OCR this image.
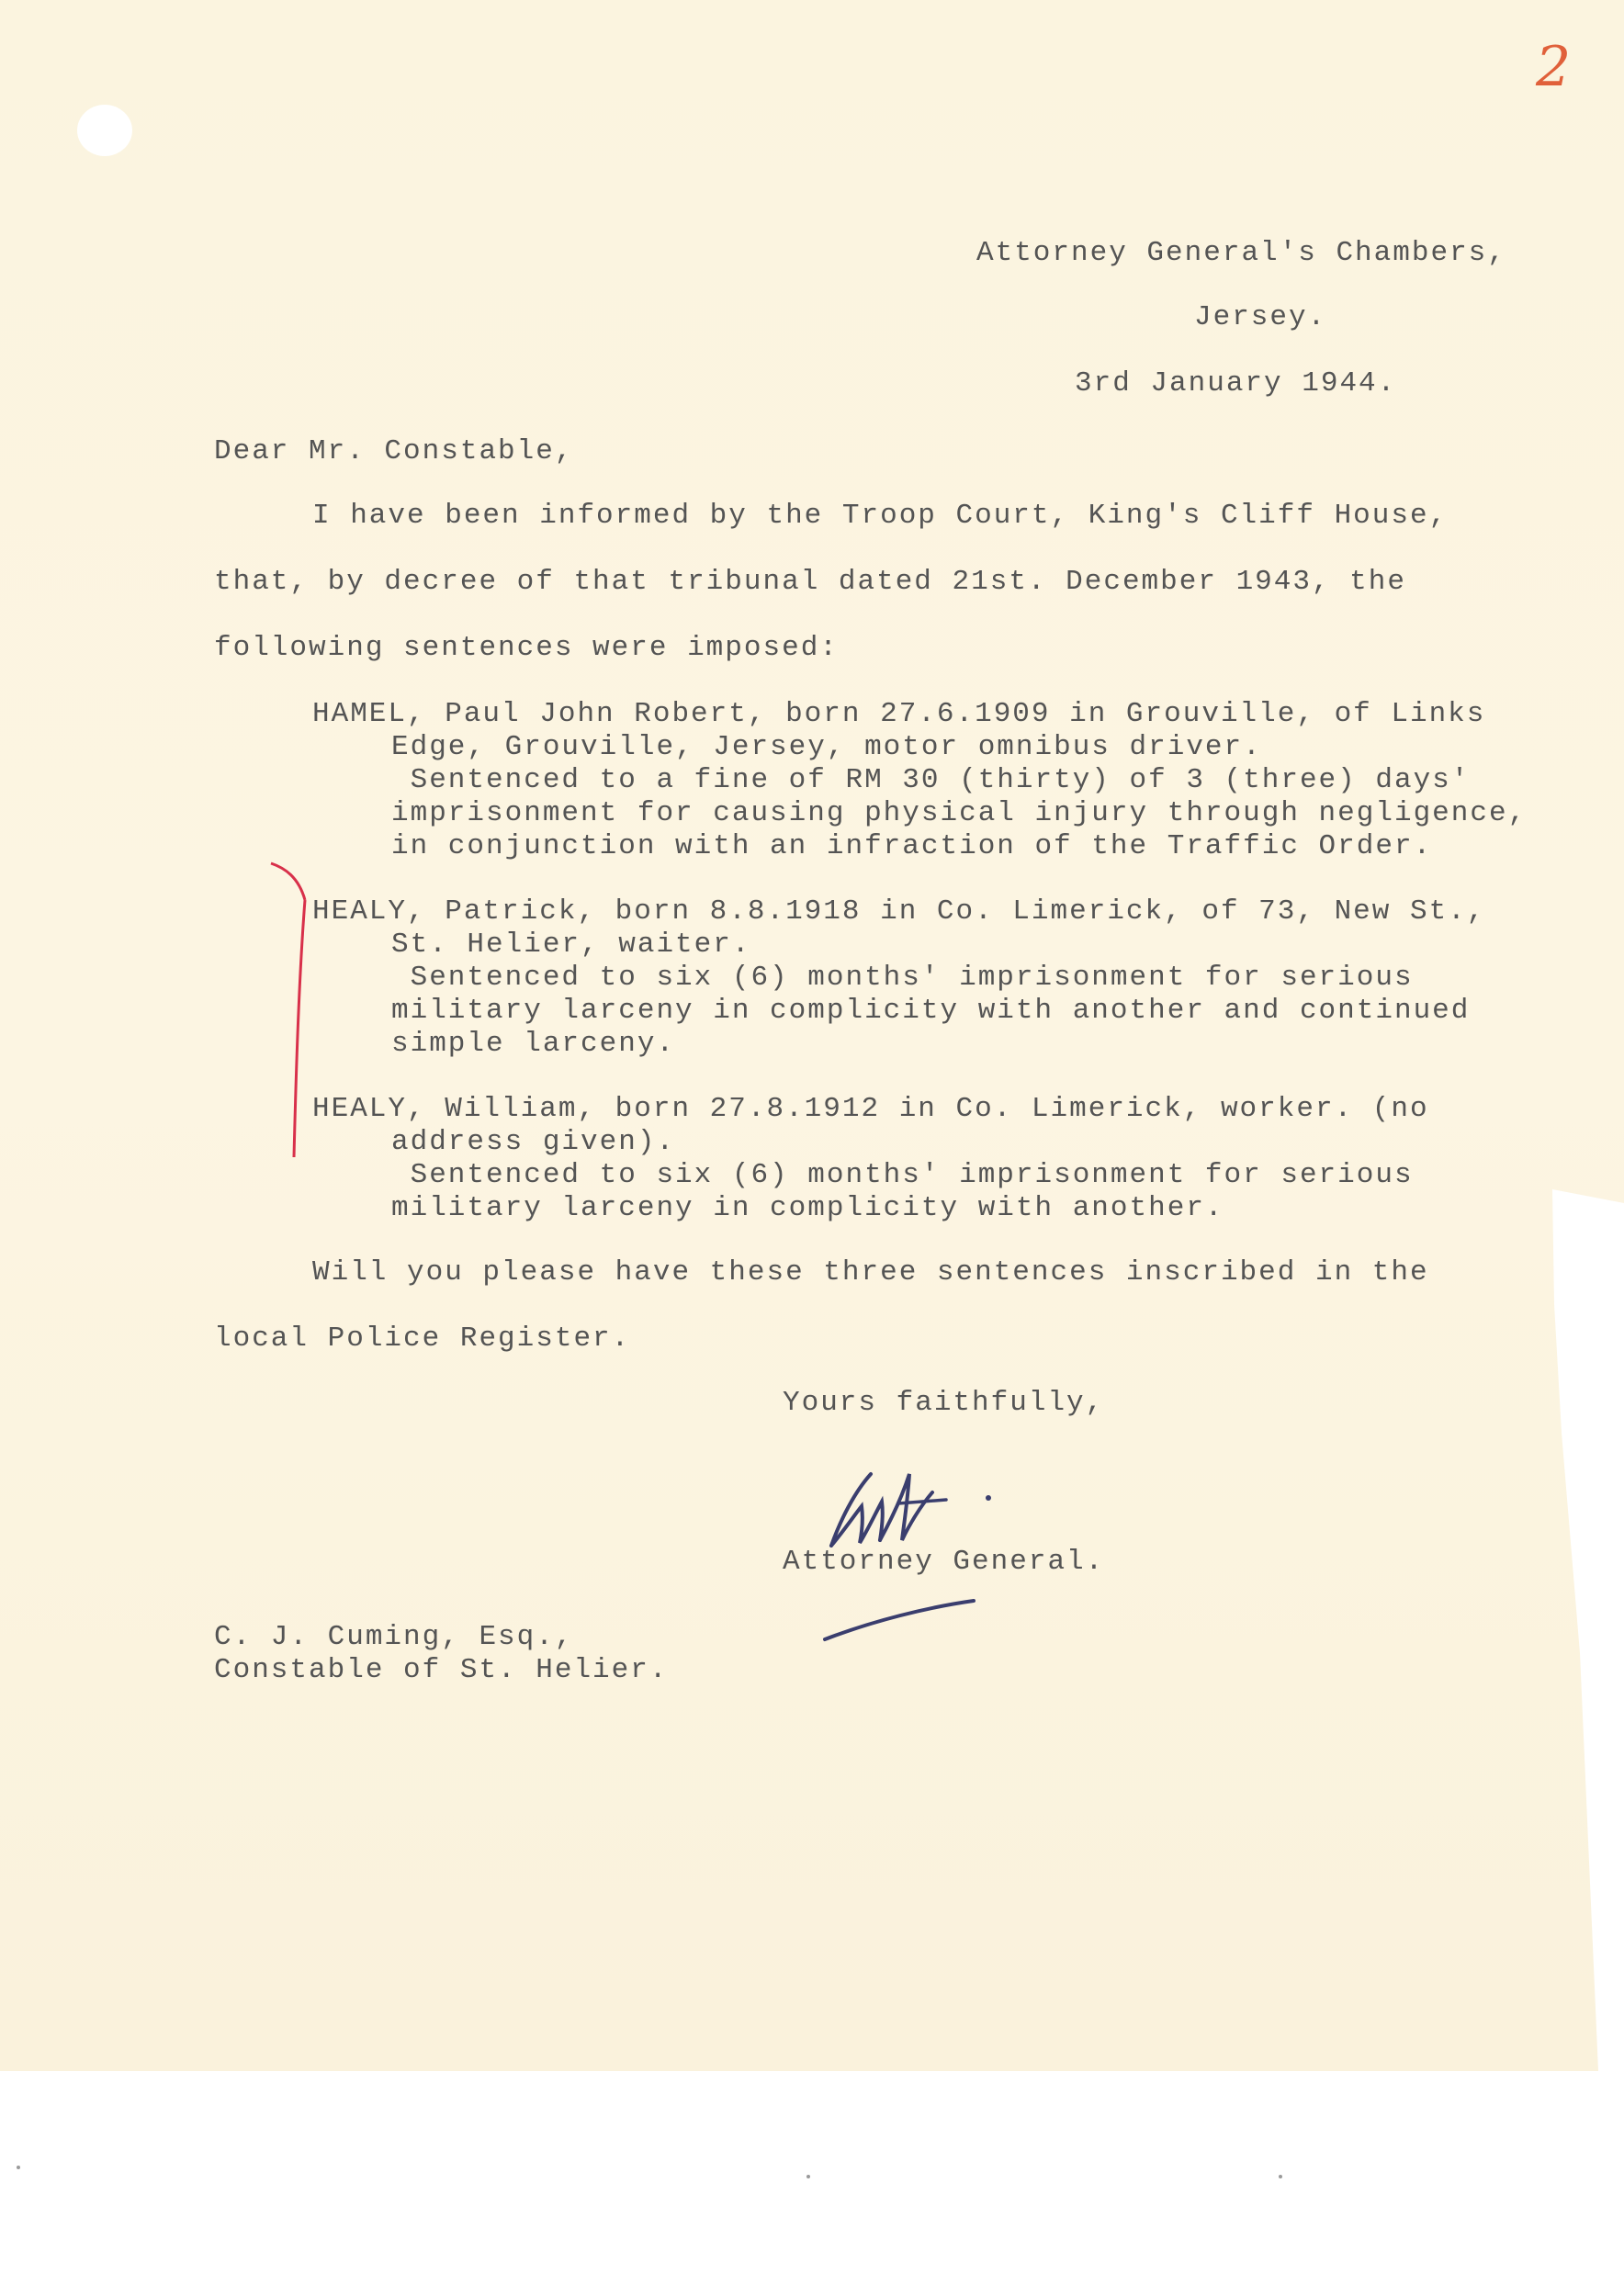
2
Attorney General's Chambers,
Jersey.
3rd January 1944.
Dear Mr. Constable,
I have been informed by the Troop Court, King's Cliff House,
that, by decree of that tribunal dated 21st. December 1943, the
following sentences were imposed:
HAMEL, Paul John Robert, born 27.6.1909 in Grouville, of Links
Edge, Grouville, Jersey, motor omnibus driver.
Sentenced to a fine of RM 30 (thirty) of 3 (three) days'
imprisonment for causing physical injury through negligence,
in conjunction with an infraction of the Traffic Order.
HEALY, Patrick, born 8.8.1918 in Co. Limerick, of 73, New St.,
St. Helier, waiter.
Sentenced to six (6) months' imprisonment for serious
military larceny in complicity with another and continued
simple larceny.
HEALY, William, born 27.8.1912 in Co. Limerick, worker. (no
address given).
Sentenced to six (6) months' imprisonment for serious
military larceny in complicity with another.
Will you please have these three sentences inscribed in the
local Police Register.
Yours faithfully,
Attorney General.
C. J. Cuming, Esq.,
Constable of St. Helier.
